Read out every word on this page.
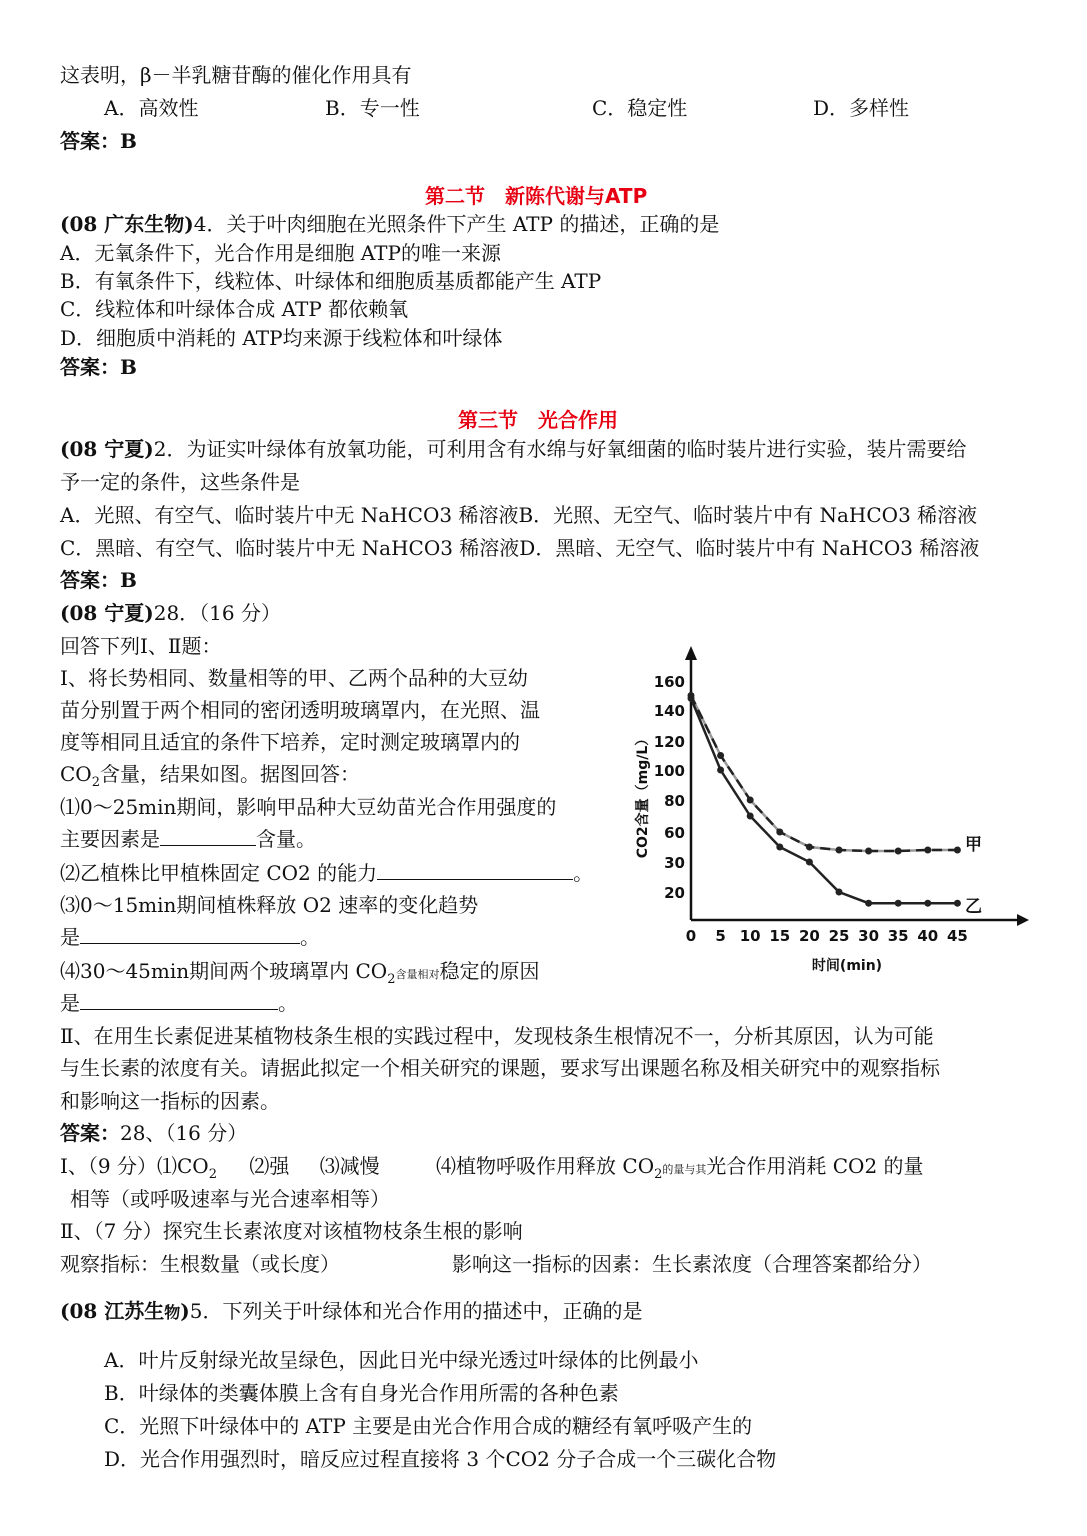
这表明，β－半乳糖苷酶的催化作用具有
A．高效性	B．专一性	C．稳定性	D．多样性
答案：B
第二节　新陈代谢与ATP
(08 广东生物)4．关于叶肉细胞在光照条件下产生 ATP 的描述，正确的是
A．无氧条件下，光合作用是细胞 ATP的唯一来源
B．有氧条件下，线粒体、叶绿体和细胞质基质都能产生 ATP
C．线粒体和叶绿体合成 ATP 都依赖氧
D．细胞质中消耗的 ATP均来源于线粒体和叶绿体
答案：B
第三节　光合作用
(08 宁夏)2．为证实叶绿体有放氧功能，可利用含有水绵与好氧细菌的临时装片进行实验，装片需要给
予一定的条件，这些条件是
A．光照、有空气、临时装片中无 NaHCO3 稀溶液B．光照、无空气、临时装片中有 NaHCO3 稀溶液
C．黑暗、有空气、临时装片中无 NaHCO3 稀溶液D．黑暗、无空气、临时装片中有 NaHCO3 稀溶液
答案：B
(08 宁夏)28．（16 分）
回答下列Ⅰ、Ⅱ题：
Ⅰ、将长势相同、数量相等的甲、乙两个品种的大豆幼
苗分别置于两个相同的密闭透明玻璃罩内，在光照、温
度等相同且适宜的条件下培养，定时测定玻璃罩内的
$CO_2$含量，结果如图。据图回答：
⑴0～25min期间，影响甲品种大豆幼苗光合作用强度的
主要因素是	含量。
⑵乙植株比甲植株固定 CO2 的能力	。
⑶0～15min期间植株释放 O2 速率的变化趋势
是	。
⑷30～45min期间两个玻璃罩内 $CO_2$含量相对稳定的原因
是	。
Ⅱ、在用生长素促进某植物枝条生根的实践过程中，发现枝条生根情况不一，分析其原因，认为可能
与生长素的浓度有关。请据此拟定一个相关研究的课题，要求写出课题名称及相关研究中的观察指标
和影响这一指标的因素。
答案：28、（16 分）
Ⅰ、（9 分）$⑴CO_2$ ⑵强 ⑶减慢	⑷植物呼吸作用释放 $CO_2$的量与其光合作用消耗 CO2 的量
相等（或呼吸速率与光合速率相等）
Ⅱ、（7 分）探究生长素浓度对该植物枝条生根的影响
观察指标：生根数量（或长度）	影响这一指标的因素：生长素浓度（合理答案都给分）
(08 江苏生物)5．下列关于叶绿体和光合作用的描述中，正确的是
A．叶片反射绿光故呈绿色，因此日光中绿光透过叶绿体的比例最小
B．叶绿体的类囊体膜上含有自身光合作用所需的各种色素
C．光照下叶绿体中的 ATP 主要是由光合作用合成的糖经有氧呼吸产生的
D．光合作用强烈时，暗反应过程直接将 3 个CO2 分子合成一个三碳化合物
20
30
60
80
100
120
140
160
0 5 10 15 20 25 30 35 40 45
时间(min)
CO2含量（mg/L）	甲
乙
